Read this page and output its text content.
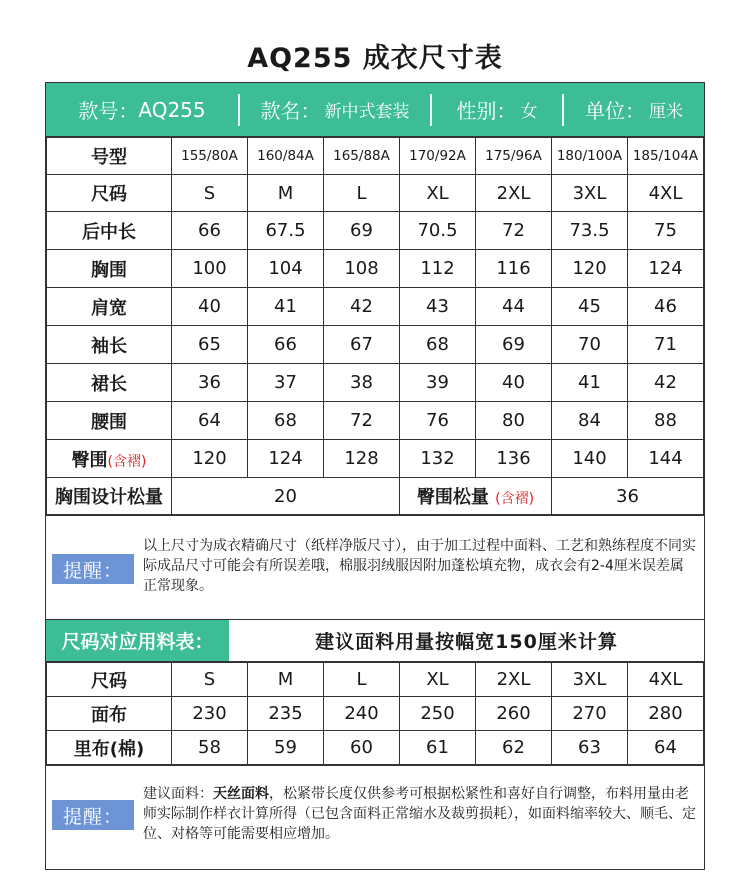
AQ255 成衣尺寸表
款号： AQ255	款名： 新中式套装 性别： 女 单位： 厘米
号型	155/80A	160/84A	165/88A	170/92A	175/96A	180/100A	185/104A
尺码	S	M	L	XL	2XL	3XL	4XL
后中长	66	67.5	69	70.5	72	73.5	75
胸围	100	104	108	112	116	120	124
肩宽	40	41	42	43	44	45	46
袖长	65	66	67	68	69	70	71
裙长	36	37	38	39	40	41	42
腰围	64	68	72	76	80	84	88
臀围(含褶)	120	124	128	132	136	140	144
胸围设计松量	20			臀围松量 (含褶)		36	
提醒：
以上尺寸为成衣精确尺寸（纸样净版尺寸），由于加工过程中面料、工艺和熟练程度不同实际成品尺寸可能会有所误差哦，棉服羽绒服因附加蓬松填充物，成衣会有2-4厘米误差属正常现象。
尺码对应用料表：	建议面料用量按幅宽150厘米计算
尺码	S	M	L	XL	2XL	3XL	4XL
面布	230	235	240	250	260	270	280
里布(棉)	58	59	60	61	62	63	64
提醒：
建议面料：天丝面料，松紧带长度仅供参考可根据松紧性和喜好自行调整，布料用量由老师实际制作样衣计算所得（已包含面料正常缩水及裁剪损耗），如面料缩率较大、顺毛、定位、对格等可能需要相应增加。
